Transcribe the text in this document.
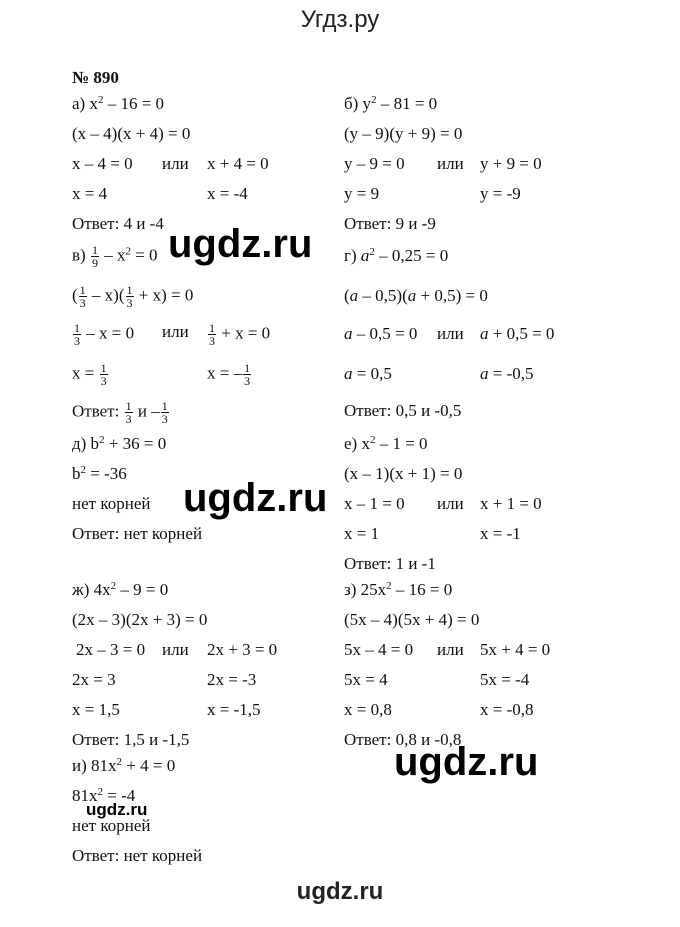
Угдз.ру
№ 890
а) $x^2 - 16 = 0$
(x – 4)(x + 4) = 0
x – 4 = 0 или x + 4 = 0
x = 4	x = -4
Ответ: 4 и -4
б) $y^2 - 81 = 0$
(y – 9)(y + 9) = 0
y – 9 = 0 или y + 9 = 0
y = 9	y = -9
Ответ: 9 и -9
$в) \frac{1}{9} - x^2 = 0$
( $\frac{1}{3} - x)( \frac{1}{3} + x) = 0$
$\frac{1}{3} - x = 0$ или $\frac{1}{3} + x = 0$
$x = \frac{1}{3}$	x = – $\frac{1}{3}$
Ответ: $\frac{1}{3}$ и – $\frac{1}{3}$
г) $a^2 - 0,25 = 0$
(a – 0,5)(a + 0,5) = 0
a – 0,5 = 0 или a + 0,5 = 0
a = 0,5	a = -0,5
Ответ: 0,5 и -0,5
д) $b^2 + 36 = 0$
$b^2 = -36$
нет корней
Ответ: нет корней
е) $x^2 - 1 = 0$
(x – 1)(x + 1) = 0
x – 1 = 0 или x + 1 = 0
x = 1	x = -1
Ответ: 1 и -1
ж) $4x^2 - 9 = 0$
(2x – 3)(2x + 3) = 0
2x – 3 = 0 или 2x + 3 = 0
2x = 3	2x = -3
x = 1,5	x = -1,5
Ответ: 1,5 и -1,5
з) $25x^2 - 16 = 0$
(5x – 4)(5x + 4) = 0
5x – 4 = 0 или 5x + 4 = 0
5x = 4	5x = -4
x = 0,8	x = -0,8
Ответ: 0,8 и -0,8
и) $81x^2 + 4 = 0$
$81x^2 = -4$
нет корней
Ответ: нет корней
ugdz.ru
ugdz.ru
ugdz.ru
ugdz.ru
ugdz.ru
